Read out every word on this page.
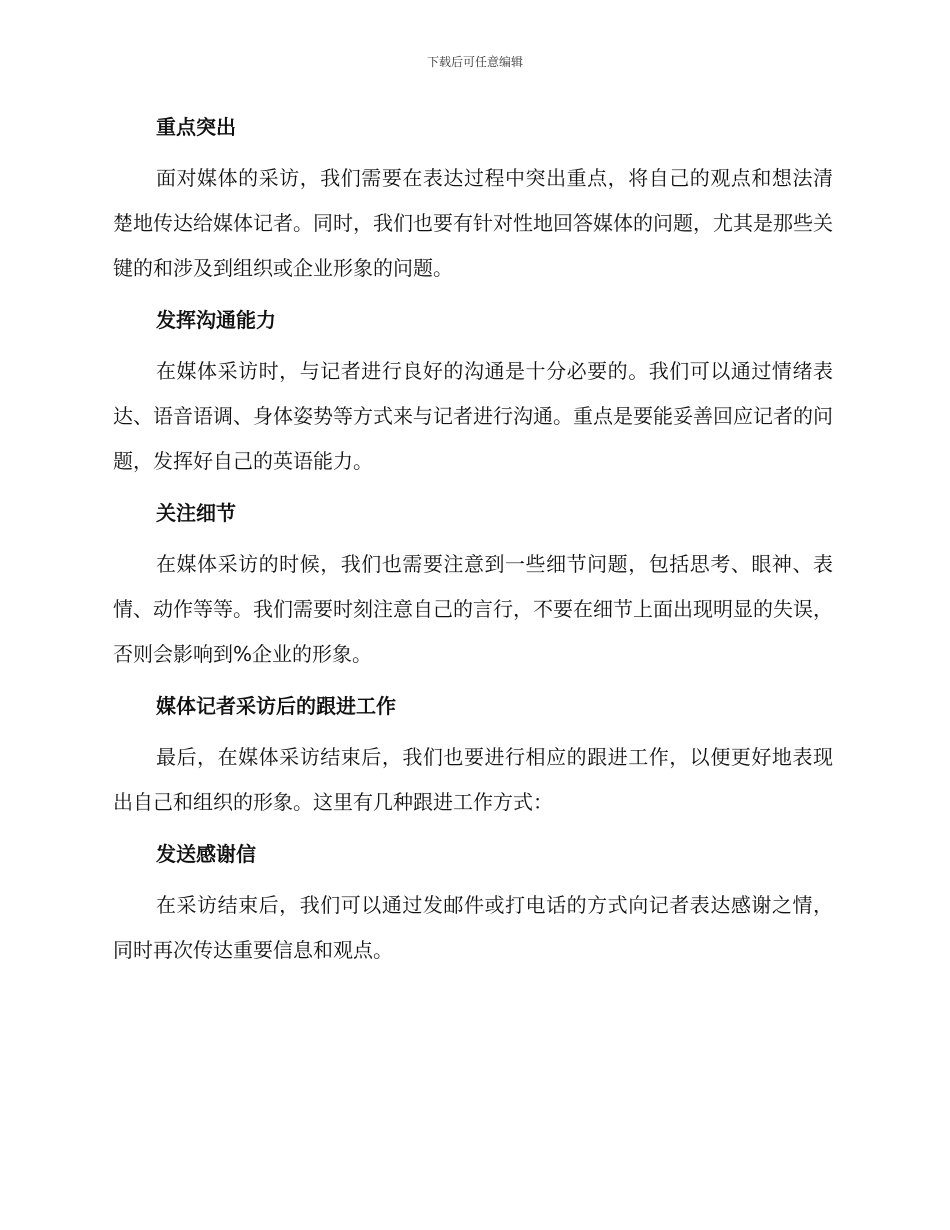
下载后可任意编辑
重点突出

面对媒体的采访，我们需要在表达过程中突出重点，将自己的观点和想法清楚地传达给媒体记者。同时，我们也要有针对性地回答媒体的问题，尤其是那些关键的和涉及到组织或企业形象的问题。

发挥沟通能力

在媒体采访时，与记者进行良好的沟通是十分必要的。我们可以通过情绪表达、语音语调、身体姿势等方式来与记者进行沟通。重点是要能妥善回应记者的问题，发挥好自己的英语能力。

关注细节

在媒体采访的时候，我们也需要注意到一些细节问题，包括思考、眼神、表情、动作等等。我们需要时刻注意自己的言行，不要在细节上面出现明显的失误，否则会影响到%企业的形象。

媒体记者采访后的跟进工作

最后，在媒体采访结束后，我们也要进行相应的跟进工作，以便更好地表现出自己和组织的形象。这里有几种跟进工作方式：

发送感谢信

在采访结束后，我们可以通过发邮件或打电话的方式向记者表达感谢之情，同时再次传达重要信息和观点。
